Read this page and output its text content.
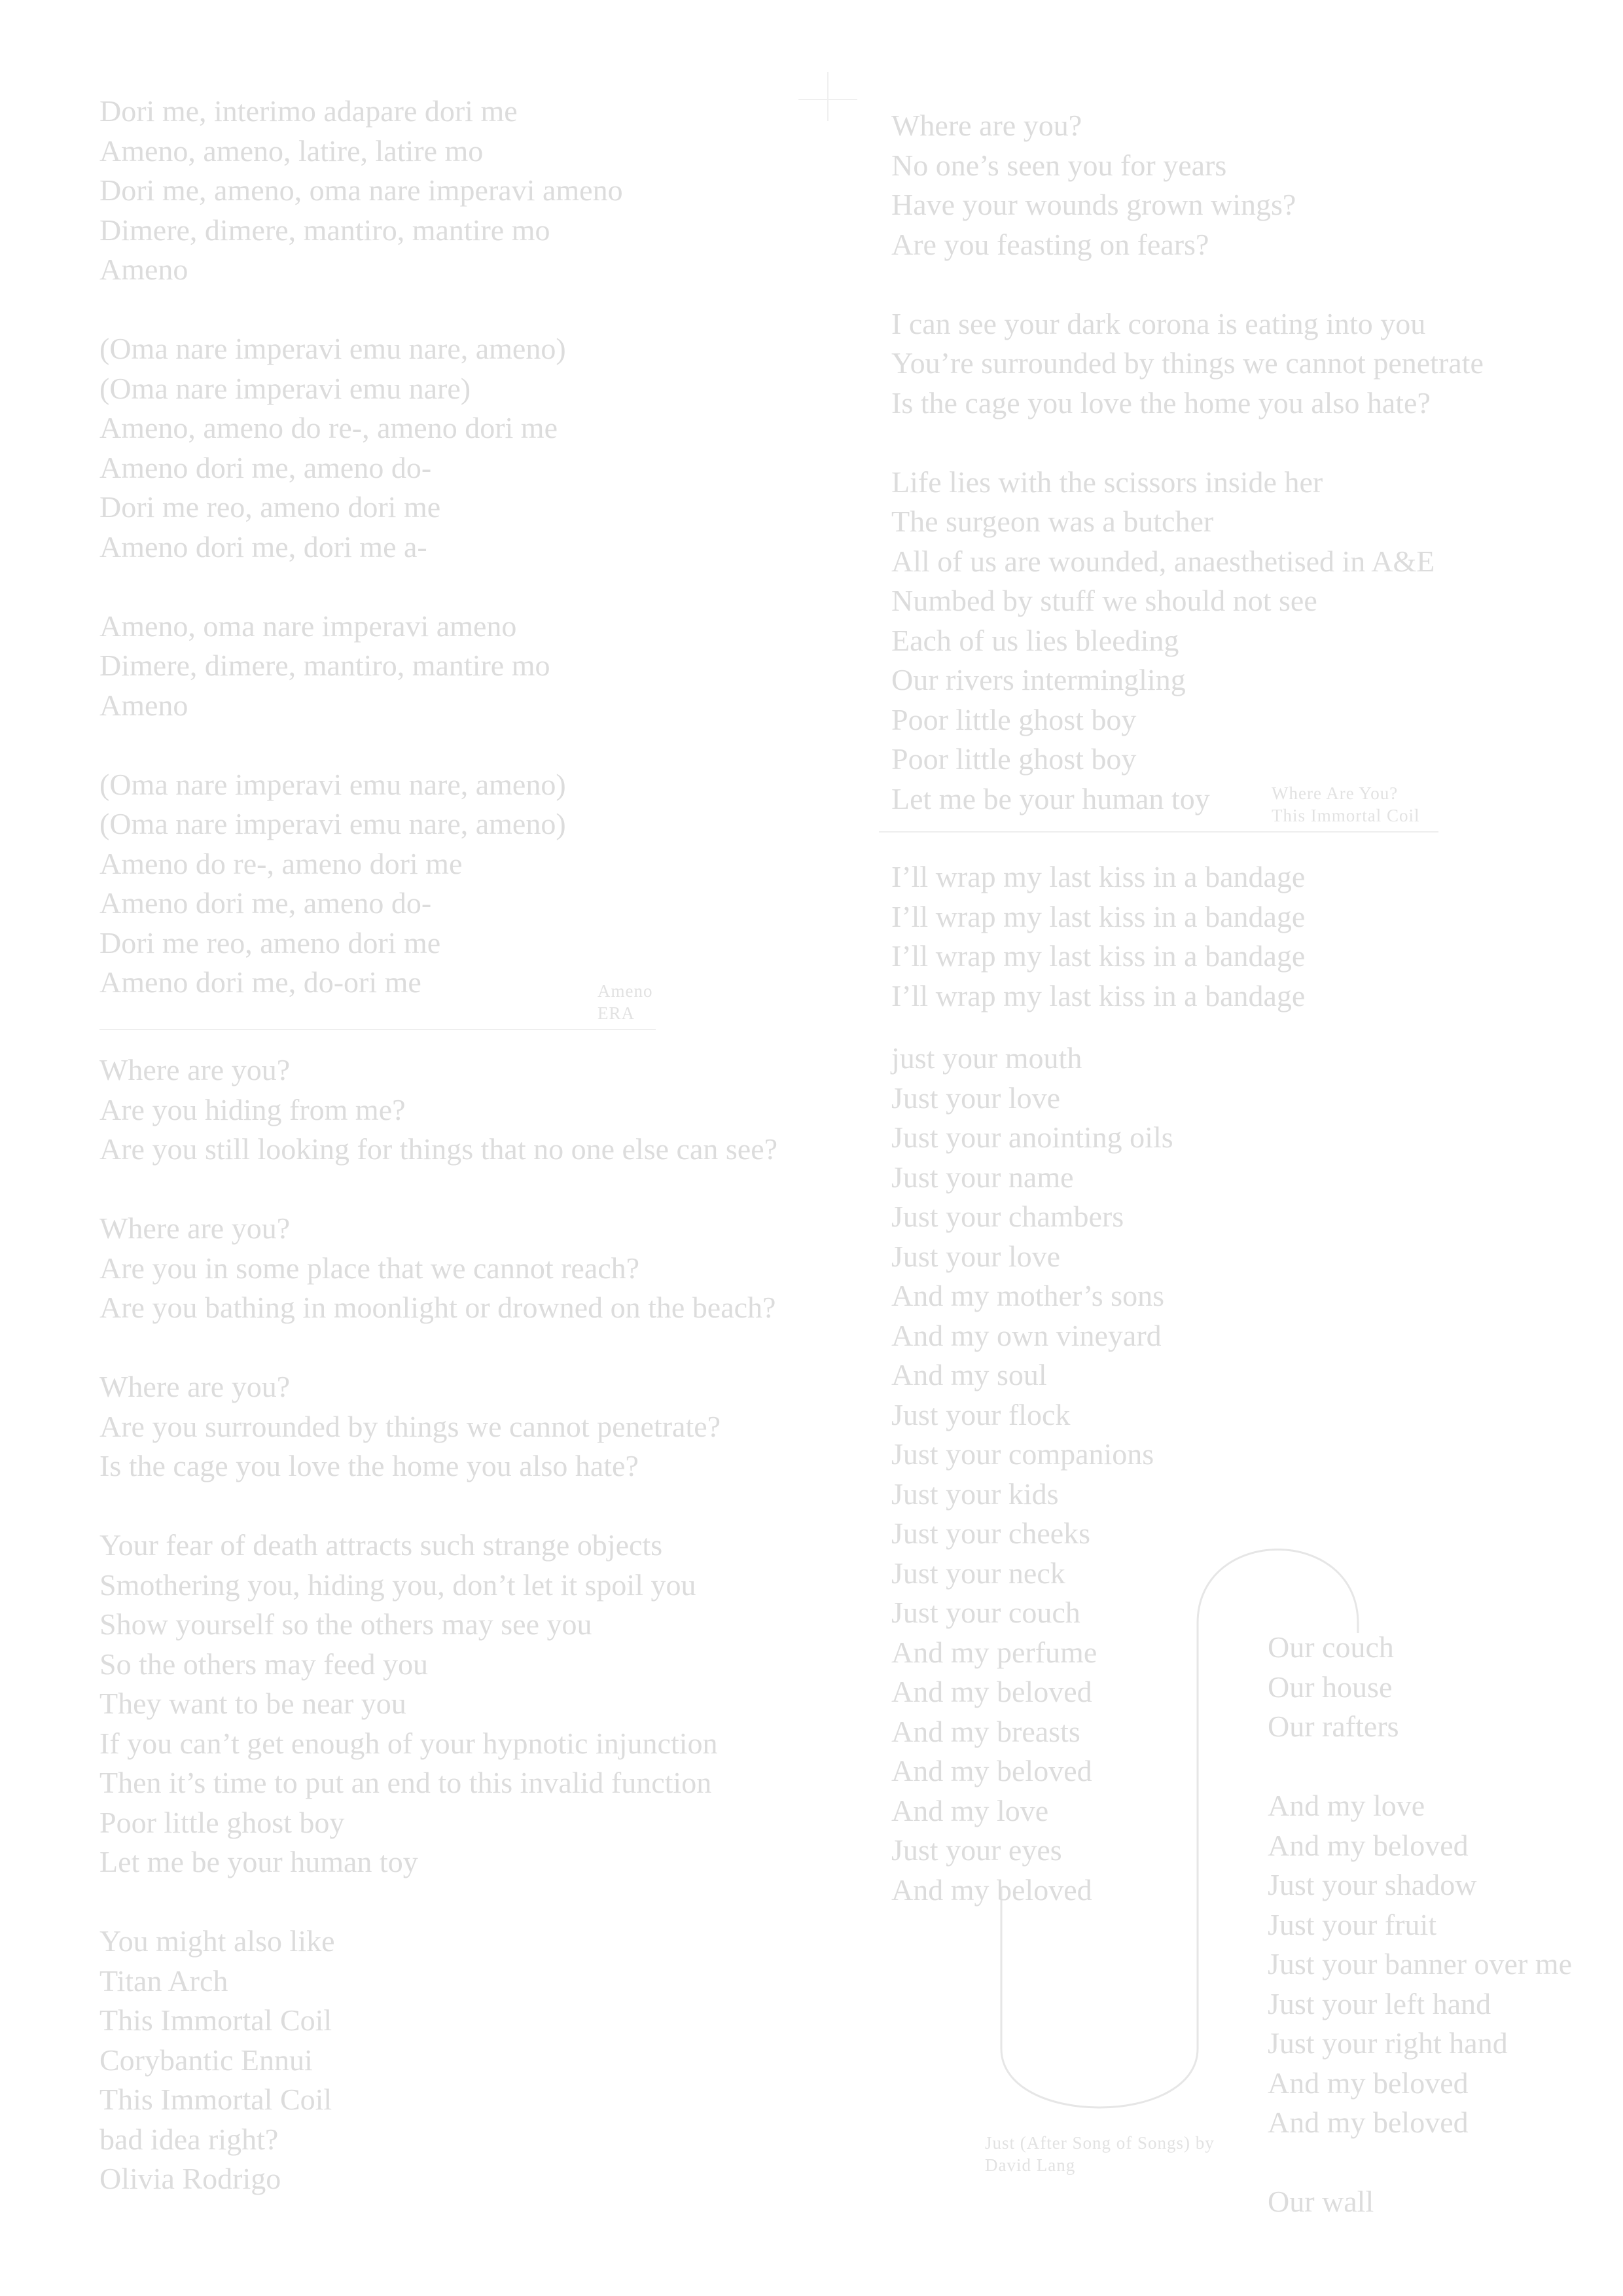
Dori me, interimo adapare dori me
Ameno, ameno, latire, latire mo
Dori me, ameno, oma nare imperavi ameno
Dimere, dimere, mantiro, mantire mo
Ameno
(Oma nare imperavi emu nare, ameno)
(Oma nare imperavi emu nare)
Ameno, ameno do re-, ameno dori me
Ameno dori me, ameno do-
Dori me reo, ameno dori me
Ameno dori me, dori me a-
Ameno, oma nare imperavi ameno
Dimere, dimere, mantiro, mantire mo
Ameno
(Oma nare imperavi emu nare, ameno)
(Oma nare imperavi emu nare, ameno)
Ameno do re-, ameno dori me
Ameno dori me, ameno do-
Dori me reo, ameno dori me
Ameno dori me, do-ori me	Ameno
ERA
Where are you?
Are you hiding from me?
Are you still looking for things that no one else can see?
Where are you?
Are you in some place that we cannot reach?
Are you bathing in moonlight or drowned on the beach?
Where are you?
Are you surrounded by things we cannot penetrate?
Is the cage you love the home you also hate?
Your fear of death attracts such strange objects
Smothering you, hiding you, don’t let it spoil you
Show yourself so the others may see you
So the others may feed you
They want to be near you
If you can’t get enough of your hypnotic injunction
Then it’s time to put an end to this invalid function
Poor little ghost boy
Let me be your human toy
You might also like
Titan Arch
This Immortal Coil
Corybantic Ennui
This Immortal Coil
bad idea right?
Olivia Rodrigo
Where are you?
No one’s seen you for years
Have your wounds grown wings?
Are you feasting on fears?
I can see your dark corona is eating into you
You’re surrounded by things we cannot penetrate
Is the cage you love the home you also hate?
Life lies with the scissors inside her
The surgeon was a butcher
All of us are wounded, anaesthetised in A&E
Numbed by stuff we should not see
Each of us lies bleeding
Our rivers intermingling
Poor little ghost boy
Poor little ghost boy
Let me be your human toy	Where Are You?
This Immortal Coil
I’ll wrap my last kiss in a bandage
I’ll wrap my last kiss in a bandage
I’ll wrap my last kiss in a bandage
I’ll wrap my last kiss in a bandage
just your mouth
Just your love
Just your anointing oils
Just your name
Just your chambers
Just your love
And my mother’s sons
And my own vineyard
And my soul
Just your flock
Just your companions
Just your kids
Just your cheeks
Just your neck
Just your couch
And my perfume
And my beloved
And my breasts
And my beloved
And my love
Just your eyes
And my beloved
Our couch
Our house
Our rafters
And my love
And my beloved
Just your shadow
Just your fruit
Just your banner over me
Just your left hand
Just your right hand
And my beloved
And my beloved
Our wall
Just (After Song of Songs) by
David Lang
